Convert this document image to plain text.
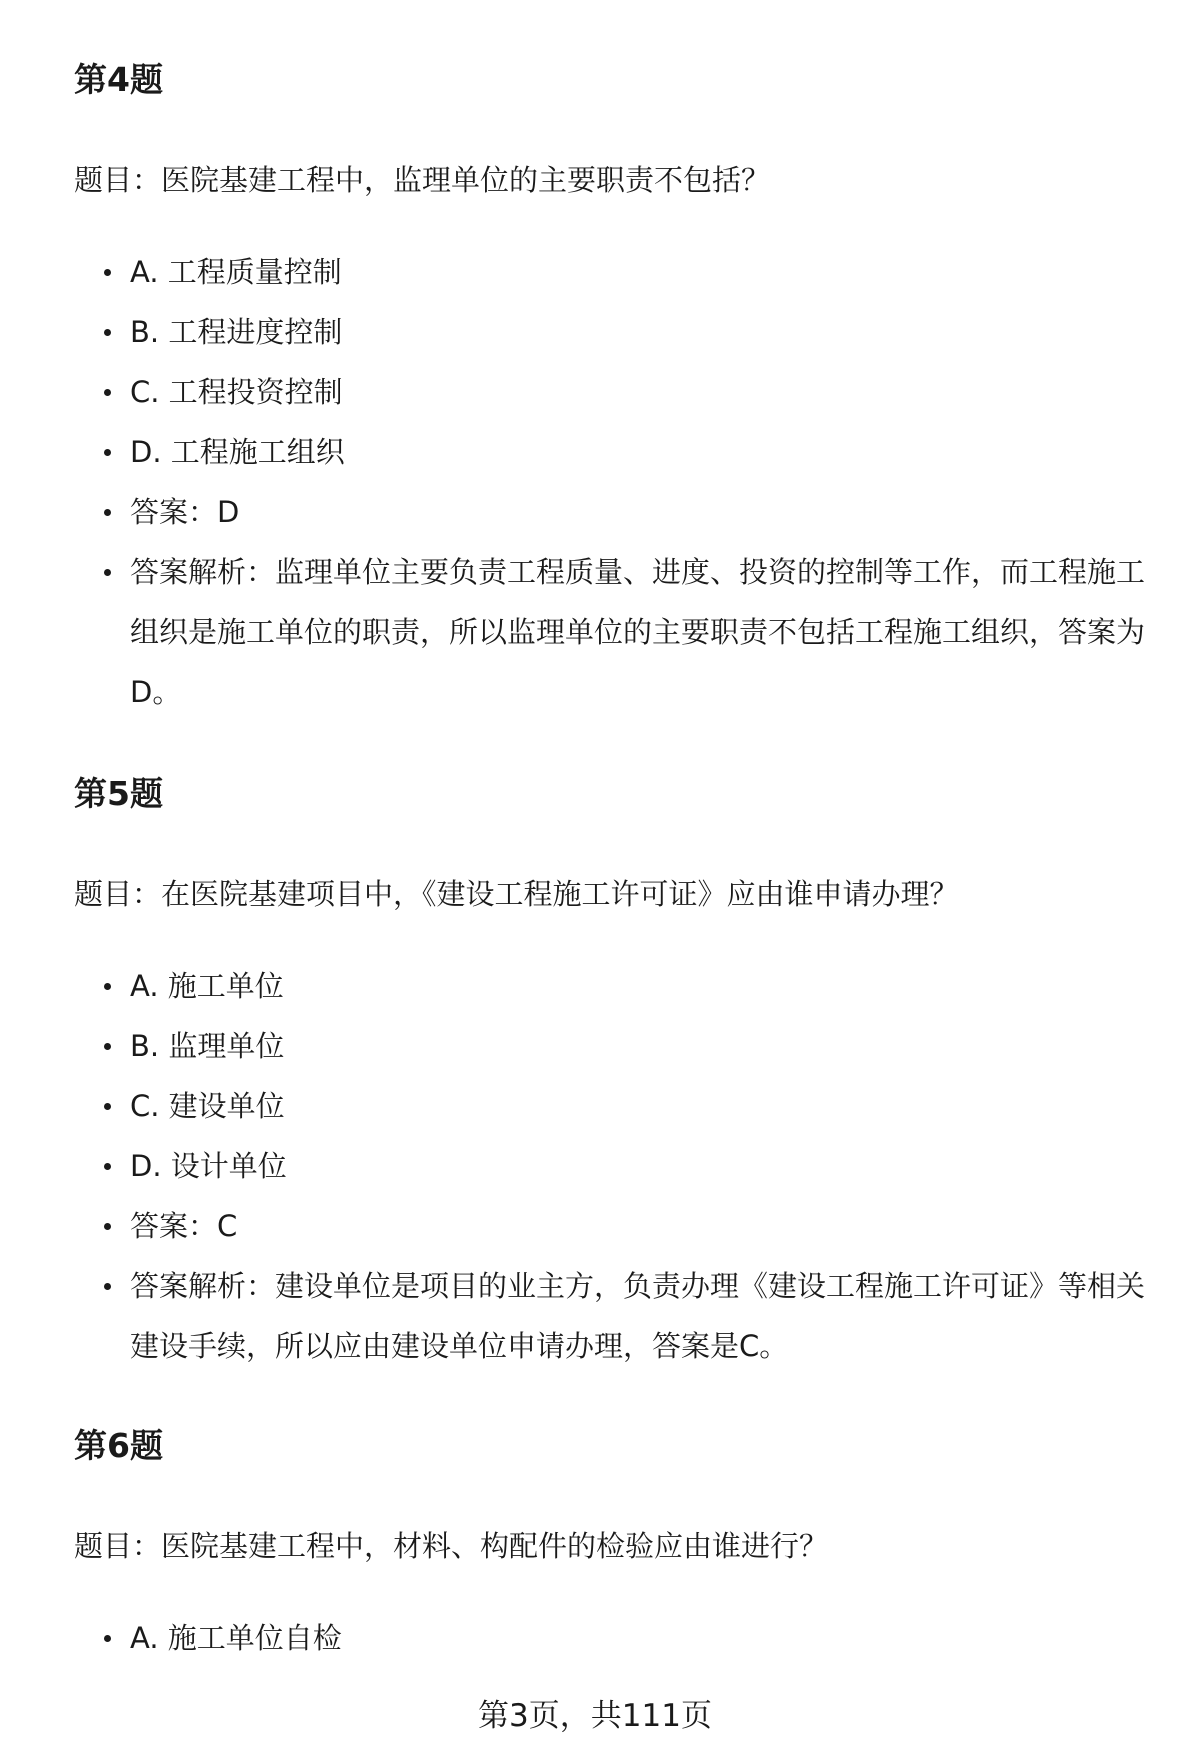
第4题

题目：医院基建工程中，监理单位的主要职责不包括？

A. 工程质量控制
B. 工程进度控制
C. 工程投资控制
D. 工程施工组织
答案：D
答案解析：监理单位主要负责工程质量、进度、投资的控制等工作，而工程施工组织是施工单位的职责，所以监理单位的主要职责不包括工程施工组织，答案为D。
第5题

题目：在医院基建项目中，《建设工程施工许可证》应由谁申请办理？

A. 施工单位
B. 监理单位
C. 建设单位
D. 设计单位
答案：C
答案解析：建设单位是项目的业主方，负责办理《建设工程施工许可证》等相关建设手续，所以应由建设单位申请办理，答案是C。
第6题

题目：医院基建工程中，材料、构配件的检验应由谁进行？

A. 施工单位自检

第3页，共111页
